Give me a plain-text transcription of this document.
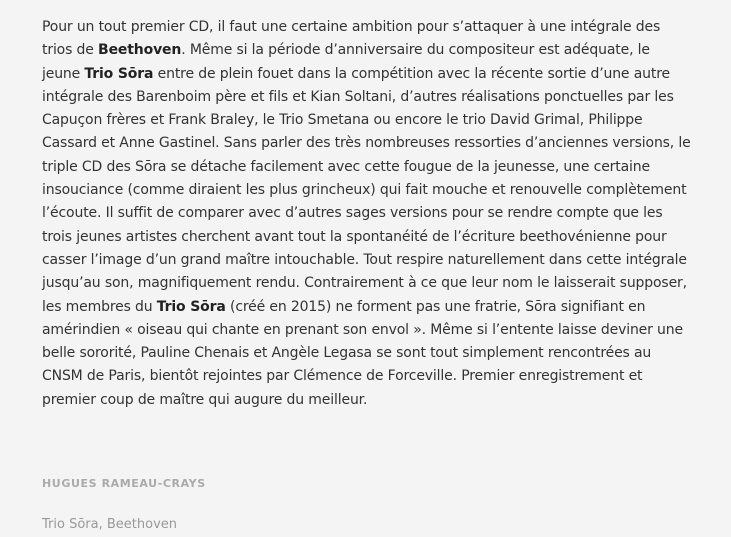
Pour un tout premier CD, il faut une certaine ambition pour s’attaquer à une intégrale des trios de Beethoven. Même si la période d’anniversaire du compositeur est adéquate, le jeune Trio Sōra entre de plein fouet dans la compétition avec la récente sortie d’une autre intégrale des Barenboim père et fils et Kian Soltani, d’autres réalisations ponctuelles par les Capuçon frères et Frank Braley, le Trio Smetana ou encore le trio David Grimal, Philippe Cassard et Anne Gastinel. Sans parler des très nombreuses ressorties d’anciennes versions, le triple CD des Sōra se détache facilement avec cette fougue de la jeunesse, une certaine insouciance (comme diraient les plus grincheux) qui fait mouche et renouvelle complètement l’écoute. Il suffit de comparer avec d’autres sages versions pour se rendre compte que les trois jeunes artistes cherchent avant tout la spontanéité de l’écriture beethovénienne pour casser l’image d’un grand maître intouchable. Tout respire naturellement dans cette intégrale jusqu’au son, magnifiquement rendu. Contrairement à ce que leur nom le laisserait supposer, les membres du Trio Sōra (créé en 2015) ne forment pas une fratrie, Sōra signifiant en amérindien « oiseau qui chante en prenant son envol ». Même si l’entente laisse deviner une belle sororité, Pauline Chenais et Angèle Legasa se sont tout simplement rencontrées au CNSM de Paris, bientôt rejointes par Clémence de Forceville. Premier enregistrement et premier coup de maître qui augure du meilleur.

HUGUES RAMEAU-CRAYS
Trio Sōra, Beethoven
